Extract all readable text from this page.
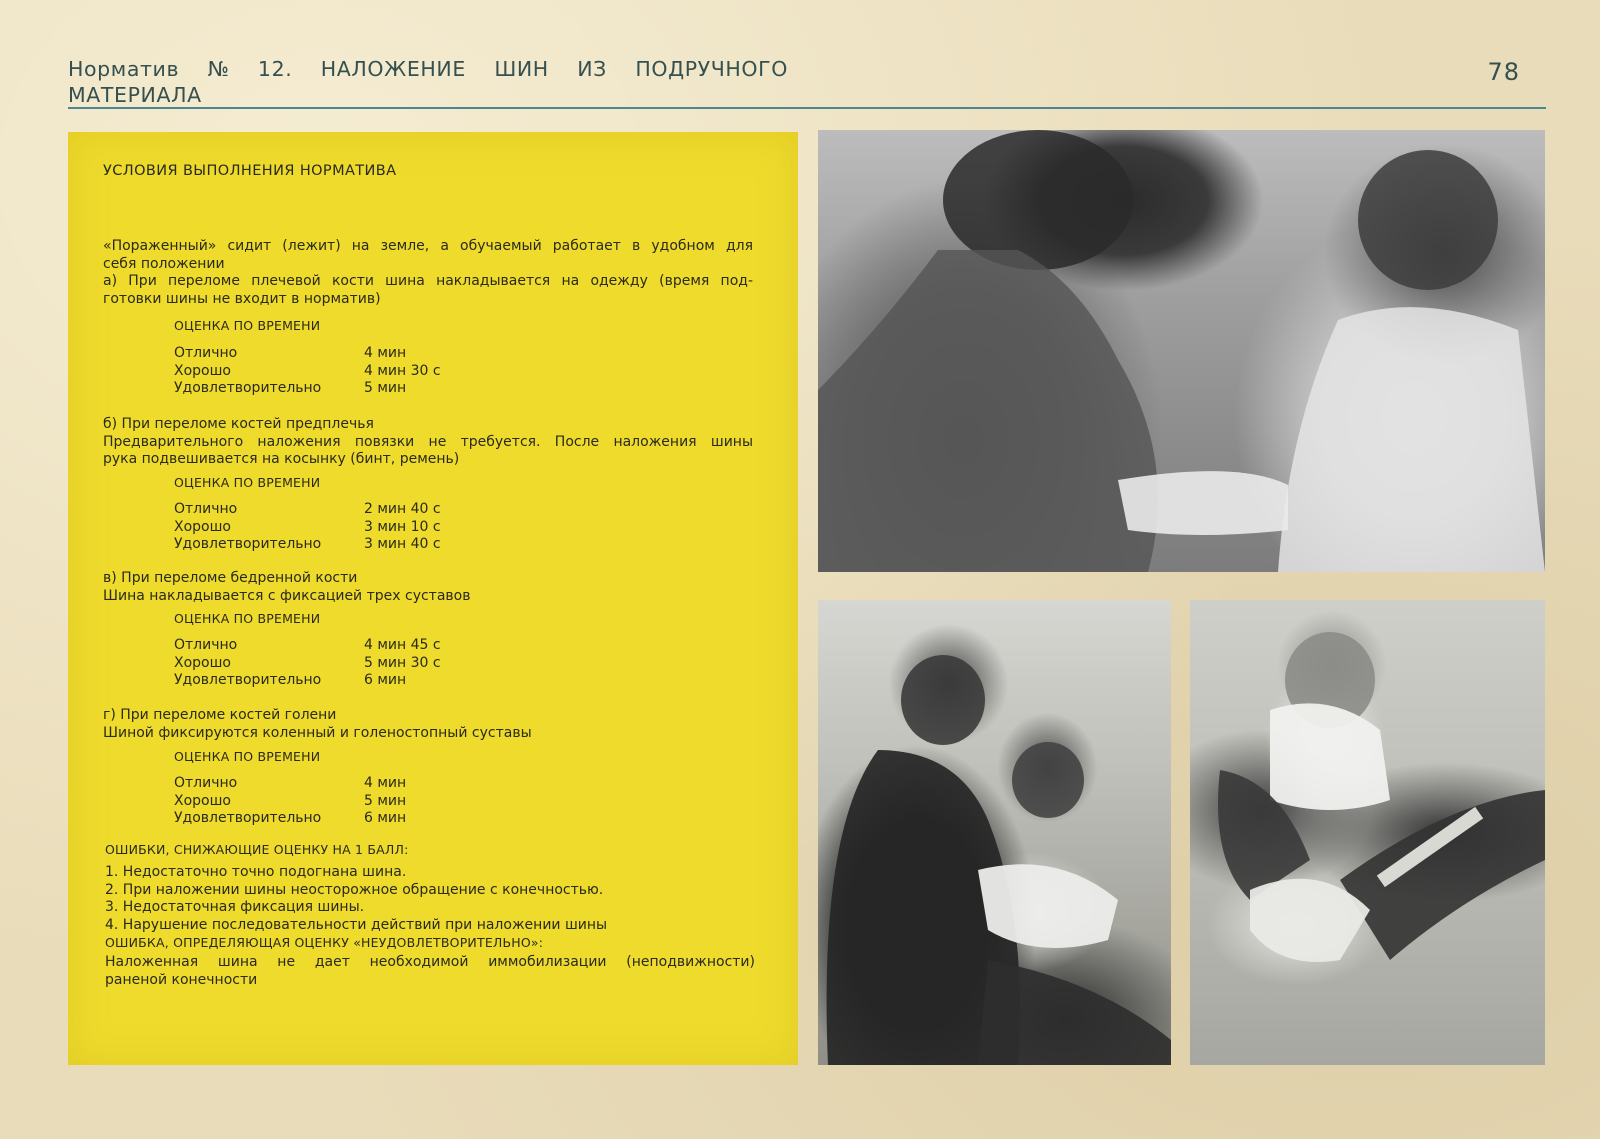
Норматив № 12. НАЛОЖЕНИЕ ШИН ИЗ ПОДРУЧНОГО
МАТЕРИАЛА
78
УСЛОВИЯ ВЫПОЛНЕНИЯ НОРМАТИВА
«Пораженный» сидит (лежит) на земле, а обучаемый работает в удобном для
себя положении
а) При переломе плечевой кости шина накладывается на одежду (время под-
готовки шины не входит в норматив)
ОЦЕНКА ПО ВРЕМЕНИ
Отлично	4 мин
Хорошо	4 мин 30 с
Удовлетворительно	5 мин
б) При переломе костей предплечья
Предварительного наложения повязки не требуется. После наложения шины
рука подвешивается на косынку (бинт, ремень)
ОЦЕНКА ПО ВРЕМЕНИ
Отлично	2 мин 40 с
Хорошо	3 мин 10 с
Удовлетворительно	3 мин 40 с
в) При переломе бедренной кости
Шина накладывается с фиксацией трех суставов
ОЦЕНКА ПО ВРЕМЕНИ
Отлично	4 мин 45 с
Хорошо	5 мин 30 с
Удовлетворительно	6 мин
г) При переломе костей голени
Шиной фиксируются коленный и голеностопный суставы
ОЦЕНКА ПО ВРЕМЕНИ
Отлично	4 мин
Хорошо	5 мин
Удовлетворительно	6 мин
ОШИБКИ, СНИЖАЮЩИЕ ОЦЕНКУ НА 1 БАЛЛ:
1. Недостаточно точно подогнана шина.
2. При наложении шины неосторожное обращение с конечностью.
3. Недостаточная фиксация шины.
4. Нарушение последовательности действий при наложении шины
ОШИБКА, ОПРЕДЕЛЯЮЩАЯ ОЦЕНКУ «НЕУДОВЛЕТВОРИТЕЛЬНО»:
Наложенная шина не дает необходимой иммобилизации (неподвижности)
раненой конечности
